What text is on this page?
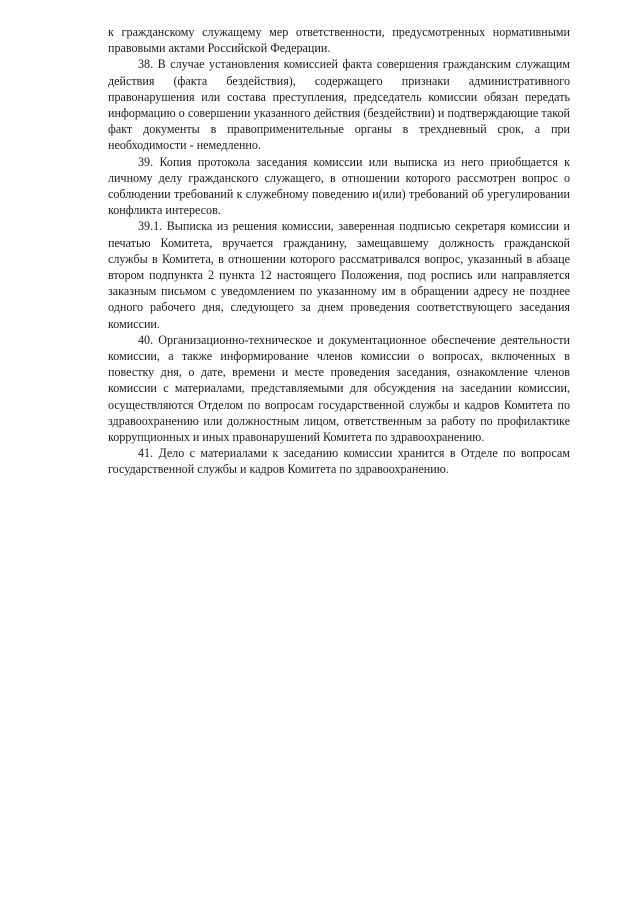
к гражданскому служащему мер ответственности, предусмотренных нормативными правовыми актами Российской Федерации.

38. В случае установления комиссией факта совершения гражданским служащим действия (факта бездействия), содержащего признаки административного правонарушения или состава преступления, председатель комиссии обязан передать информацию о совершении указанного действия (бездействии) и подтверждающие такой факт документы в правоприменительные органы в трехдневный срок, а при необходимости - немедленно.

39. Копия протокола заседания комиссии или выписка из него приобщается к личному делу гражданского служащего, в отношении которого рассмотрен вопрос о соблюдении требований к служебному поведению и(или) требований об урегулировании конфликта интересов.

39.1. Выписка из решения комиссии, заверенная подписью секретаря комиссии и печатью Комитета, вручается гражданину, замещавшему должность гражданской службы в Комитета, в отношении которого рассматривался вопрос, указанный в абзаце втором подпункта 2 пункта 12 настоящего Положения, под роспись или направляется заказным письмом с уведомлением по указанному им в обращении адресу не позднее одного рабочего дня, следующего за днем проведения соответствующего заседания комиссии.

40. Организационно-техническое и документационное обеспечение деятельности комиссии, а также информирование членов комиссии о вопросах, включенных в повестку дня, о дате, времени и месте проведения заседания, ознакомление членов комиссии с материалами, представляемыми для обсуждения на заседании комиссии, осуществляются Отделом по вопросам государственной службы и кадров Комитета по здравоохранению или должностным лицом, ответственным за работу по профилактике коррупционных и иных правонарушений Комитета по здравоохранению.

41. Дело с материалами к заседанию комиссии хранится в Отделе по вопросам государственной службы и кадров Комитета по здравоохранению.
